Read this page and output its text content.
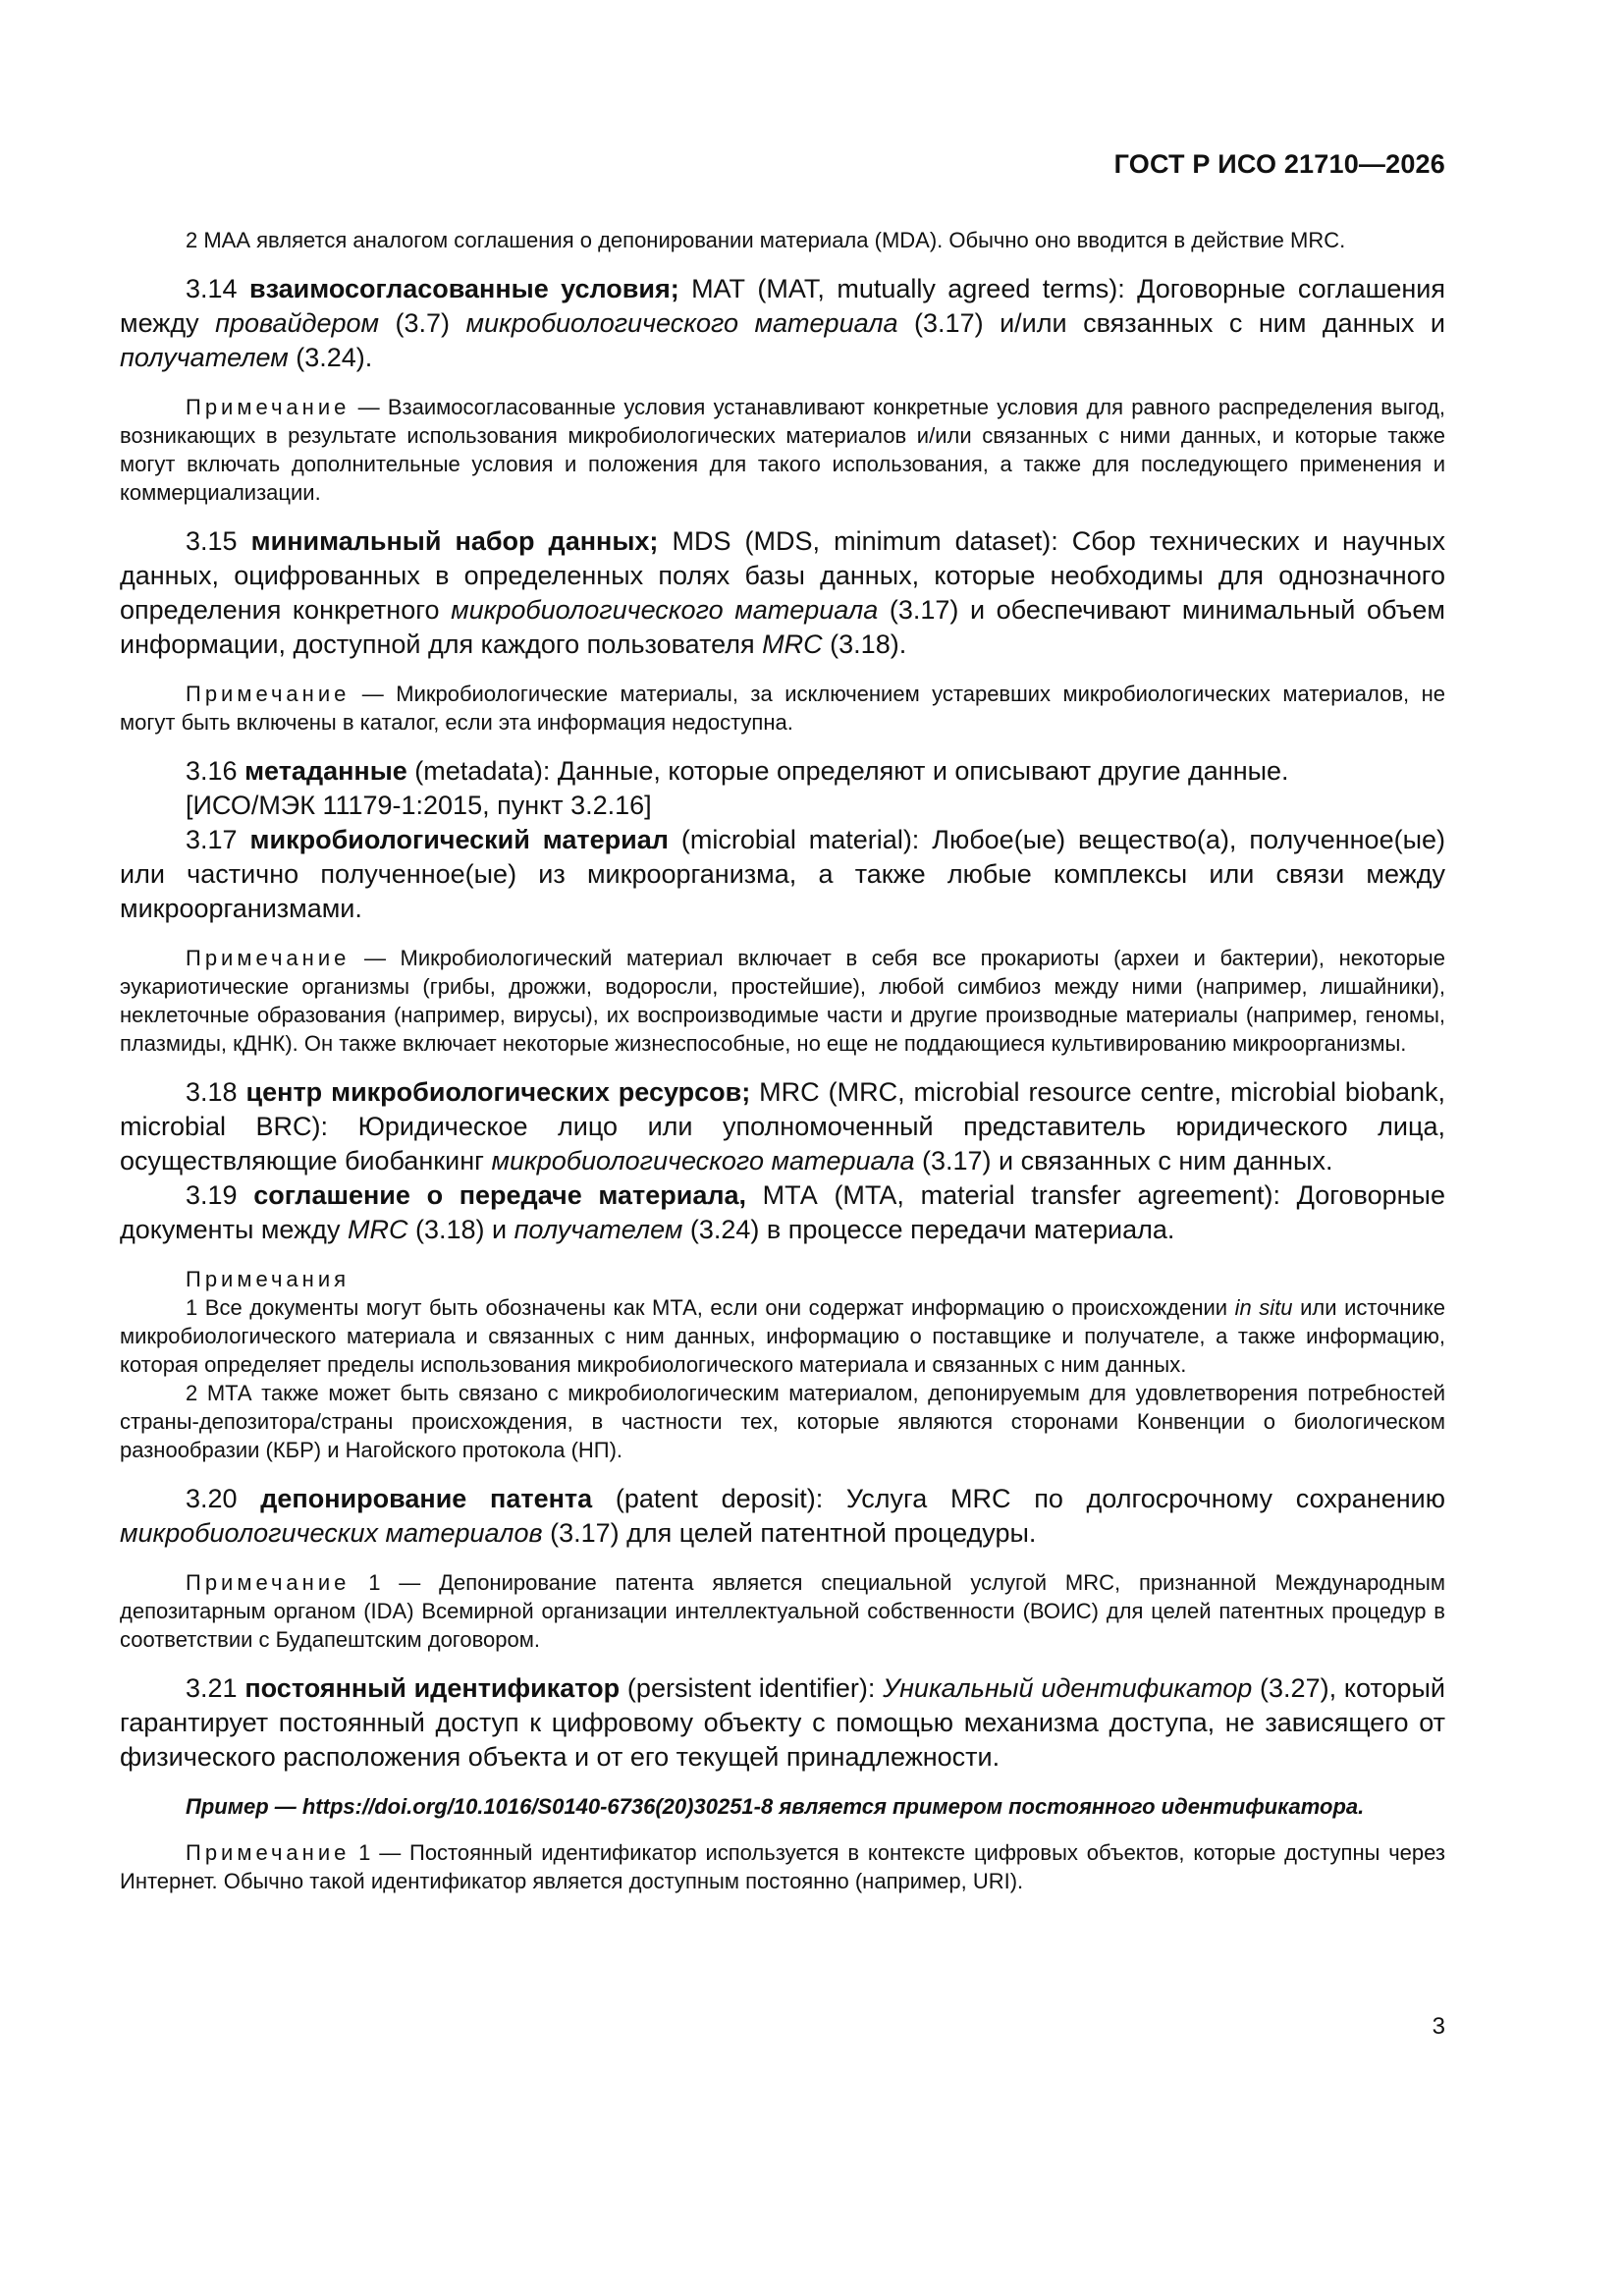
ГОСТ Р ИСО 21710—2026

2 МАА является аналогом соглашения о депонировании материала (MDA). Обычно оно вводится в действие MRC.

3.14 взаимосогласованные условия; МАТ (MAT, mutually agreed terms): Договорные соглашения между провайдером (3.7) микробиологического материала (3.17) и/или связанных с ним данных и получателем (3.24).

Примечание — Взаимосогласованные условия устанавливают конкретные условия для равного распределения выгод, возникающих в результате использования микробиологических материалов и/или связанных с ними данных, и которые также могут включать дополнительные условия и положения для такого использования, а также для последующего применения и коммерциализации.

3.15 минимальный набор данных; MDS (MDS, minimum dataset): Сбор технических и научных данных, оцифрованных в определенных полях базы данных, которые необходимы для однозначного определения конкретного микробиологического материала (3.17) и обеспечивают минимальный объем информации, доступной для каждого пользователя MRC (3.18).

Примечание — Микробиологические материалы, за исключением устаревших микробиологических материалов, не могут быть включены в каталог, если эта информация недоступна.

3.16 метаданные (metadata): Данные, которые определяют и описывают другие данные.

[ИСО/МЭК 11179-1:2015, пункт 3.2.16]

3.17 микробиологический материал (microbial material): Любое(ые) вещество(а), полученное(ые) или частично полученное(ые) из микроорганизма, а также любые комплексы или связи между микроорганизмами.

Примечание — Микробиологический материал включает в себя все прокариоты (археи и бактерии), некоторые эукариотические организмы (грибы, дрожжи, водоросли, простейшие), любой симбиоз между ними (например, лишайники), неклеточные образования (например, вирусы), их воспроизводимые части и другие производные материалы (например, геномы, плазмиды, кДНК). Он также включает некоторые жизнеспособные, но еще не поддающиеся культивированию микроорганизмы.

3.18 центр микробиологических ресурсов; MRC (MRC, microbial resource centre, microbial biobank, microbial BRC): Юридическое лицо или уполномоченный представитель юридического лица, осуществляющие биобанкинг микробиологического материала (3.17) и связанных с ним данных.

3.19 соглашение о передаче материала, МТА (MTA, material transfer agreement): Договорные документы между MRC (3.18) и получателем (3.24) в процессе передачи материала.

Примечания

1 Все документы могут быть обозначены как МТА, если они содержат информацию о происхождении in situ или источнике микробиологического материала и связанных с ним данных, информацию о поставщике и получателе, а также информацию, которая определяет пределы использования микробиологического материала и связанных с ним данных.

2 МТА также может быть связано с микробиологическим материалом, депонируемым для удовлетворения потребностей страны-депозитора/страны происхождения, в частности тех, которые являются сторонами Конвенции о биологическом разнообразии (КБР) и Нагойского протокола (НП).

3.20 депонирование патента (patent deposit): Услуга MRC по долгосрочному сохранению микробиологических материалов (3.17) для целей патентной процедуры.

Примечание 1 — Депонирование патента является специальной услугой MRC, признанной Международным депозитарным органом (IDA) Всемирной организации интеллектуальной собственности (ВОИС) для целей патентных процедур в соответствии с Будапештским договором.

3.21 постоянный идентификатор (persistent identifier): Уникальный идентификатор (3.27), который гарантирует постоянный доступ к цифровому объекту с помощью механизма доступа, не зависящего от физического расположения объекта и от его текущей принадлежности.

Пример — https://doi.org/10.1016/S0140-6736(20)30251-8 является примером постоянного идентификатора.

Примечание 1 — Постоянный идентификатор используется в контексте цифровых объектов, которые доступны через Интернет. Обычно такой идентификатор является доступным постоянно (например, URI).

3
